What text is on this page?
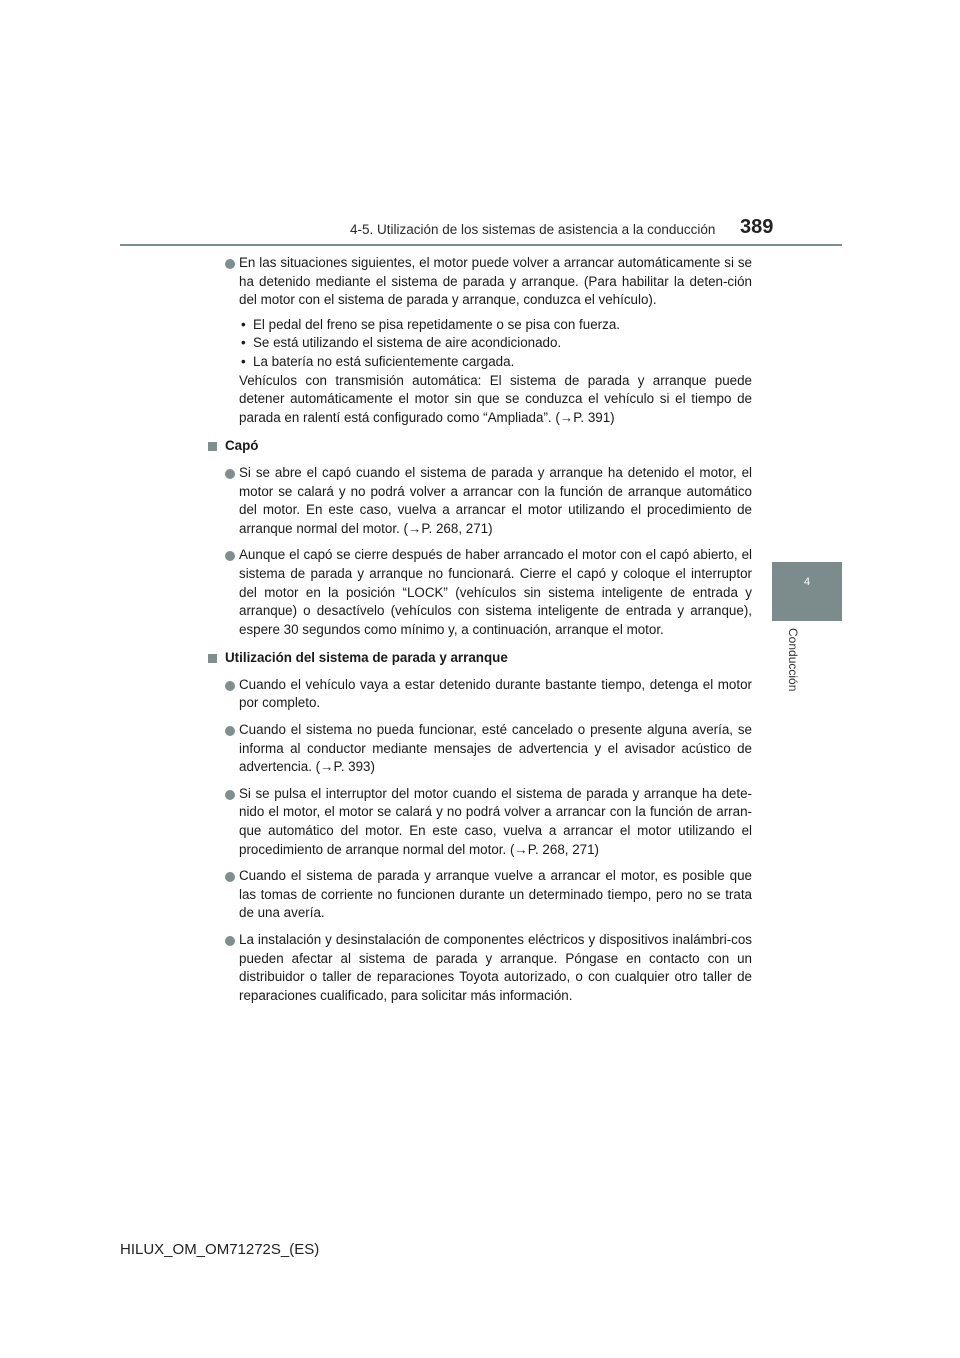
4-5. Utilización de los sistemas de asistencia a la conducción 389
4
Conducción
En las situaciones siguientes, el motor puede volver a arrancar automáticamente si se ha detenido mediante el sistema de parada y arranque. (Para habilitar la deten-ción del motor con el sistema de parada y arranque, conduzca el vehículo).
• El pedal del freno se pisa repetidamente o se pisa con fuerza.
• Se está utilizando el sistema de aire acondicionado.
• La batería no está suficientemente cargada.
Vehículos con transmisión automática: El sistema de parada y arranque puede detener automáticamente el motor sin que se conduzca el vehículo si el tiempo de parada en ralentí está configurado como “Ampliada”. (→P. 391)
Capó
Si se abre el capó cuando el sistema de parada y arranque ha detenido el motor, el motor se calará y no podrá volver a arrancar con la función de arranque automático del motor. En este caso, vuelva a arrancar el motor utilizando el procedimiento de arranque normal del motor. (→P. 268, 271)
Aunque el capó se cierre después de haber arrancado el motor con el capó abierto, el sistema de parada y arranque no funcionará. Cierre el capó y coloque el interruptor del motor en la posición “LOCK” (vehículos sin sistema inteligente de entrada y arranque) o desactívelo (vehículos con sistema inteligente de entrada y arranque), espere 30 segundos como mínimo y, a continuación, arranque el motor.
Utilización del sistema de parada y arranque
Cuando el vehículo vaya a estar detenido durante bastante tiempo, detenga el motor por completo.
Cuando el sistema no pueda funcionar, esté cancelado o presente alguna avería, se informa al conductor mediante mensajes de advertencia y el avisador acústico de advertencia. (→P. 393)
Si se pulsa el interruptor del motor cuando el sistema de parada y arranque ha dete-nido el motor, el motor se calará y no podrá volver a arrancar con la función de arran-que automático del motor. En este caso, vuelva a arrancar el motor utilizando el procedimiento de arranque normal del motor. (→P. 268, 271)
Cuando el sistema de parada y arranque vuelve a arrancar el motor, es posible que las tomas de corriente no funcionen durante un determinado tiempo, pero no se trata de una avería.
La instalación y desinstalación de componentes eléctricos y dispositivos inalámbri-cos pueden afectar al sistema de parada y arranque. Póngase en contacto con un distribuidor o taller de reparaciones Toyota autorizado, o con cualquier otro taller de reparaciones cualificado, para solicitar más información.
HILUX_OM_OM71272S_(ES)
